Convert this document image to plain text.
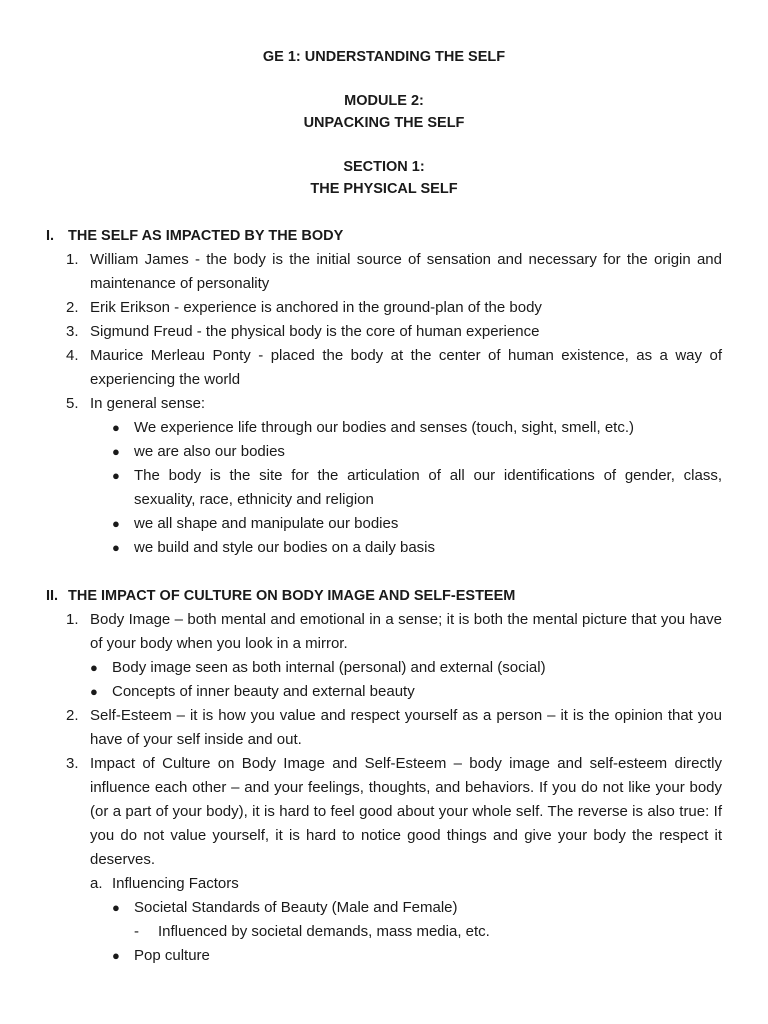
GE 1: UNDERSTANDING THE SELF
MODULE 2:
UNPACKING THE SELF
SECTION 1:
THE PHYSICAL SELF
I. THE SELF AS IMPACTED BY THE BODY
1. William James - the body is the initial source of sensation and necessary for the origin and maintenance of personality
2. Erik Erikson - experience is anchored in the ground-plan of the body
3. Sigmund Freud - the physical body is the core of human experience
4. Maurice Merleau Ponty - placed the body at the center of human existence, as a way of experiencing the world
5. In general sense:
● We experience life through our bodies and senses (touch, sight, smell, etc.)
● we are also our bodies
● The body is the site for the articulation of all our identifications of gender, class, sexuality, race, ethnicity and religion
● we all shape and manipulate our bodies
● we build and style our bodies on a daily basis
II. THE IMPACT OF CULTURE ON BODY IMAGE AND SELF-ESTEEM
1. Body Image – both mental and emotional in a sense; it is both the mental picture that you have of your body when you look in a mirror.
● Body image seen as both internal (personal) and external (social)
● Concepts of inner beauty and external beauty
2. Self-Esteem – it is how you value and respect yourself as a person – it is the opinion that you have of your self inside and out.
3. Impact of Culture on Body Image and Self-Esteem – body image and self-esteem directly influence each other – and your feelings, thoughts, and behaviors. If you do not like your body (or a part of your body), it is hard to feel good about your whole self. The reverse is also true: If you do not value yourself, it is hard to notice good things and give your body the respect it deserves.
a. Influencing Factors
● Societal Standards of Beauty (Male and Female)
-	Influenced by societal demands, mass media, etc.
● Pop culture
